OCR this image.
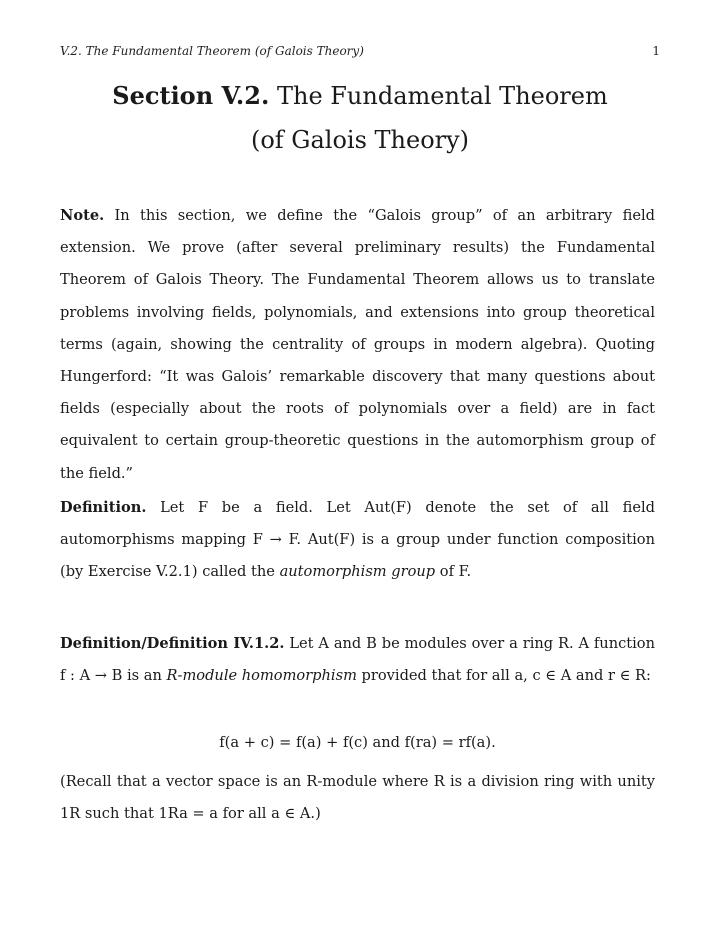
V.2. The Fundamental Theorem (of Galois Theory)	1
Section V.2. The Fundamental Theorem
(of Galois Theory)
Note. In this section, we define the “Galois group” of an arbitrary field extension. We prove (after several preliminary results) the Fundamental Theorem of Galois Theory. The Fundamental Theorem allows us to translate problems involving fields, polynomials, and extensions into group theoretical terms (again, showing the centrality of groups in modern algebra). Quoting Hungerford: “It was Galois’ remarkable discovery that many questions about fields (especially about the roots of polynomials over a field) are in fact equivalent to certain group-theoretic questions in the automorphism group of the field.”
Definition. Let F be a field. Let Aut(F) denote the set of all field automorphisms mapping F → F. Aut(F) is a group under function composition (by Exercise V.2.1) called the automorphism group of F.
Definition/Definition IV.1.2. Let A and B be modules over a ring R. A function f : A → B is an R-module homomorphism provided that for all a, c ∈ A and r ∈ R:
f(a + c) = f(a) + f(c) and f(ra) = rf(a).
(Recall that a vector space is an R-module where R is a division ring with unity 1R such that 1Ra = a for all a ∈ A.)
